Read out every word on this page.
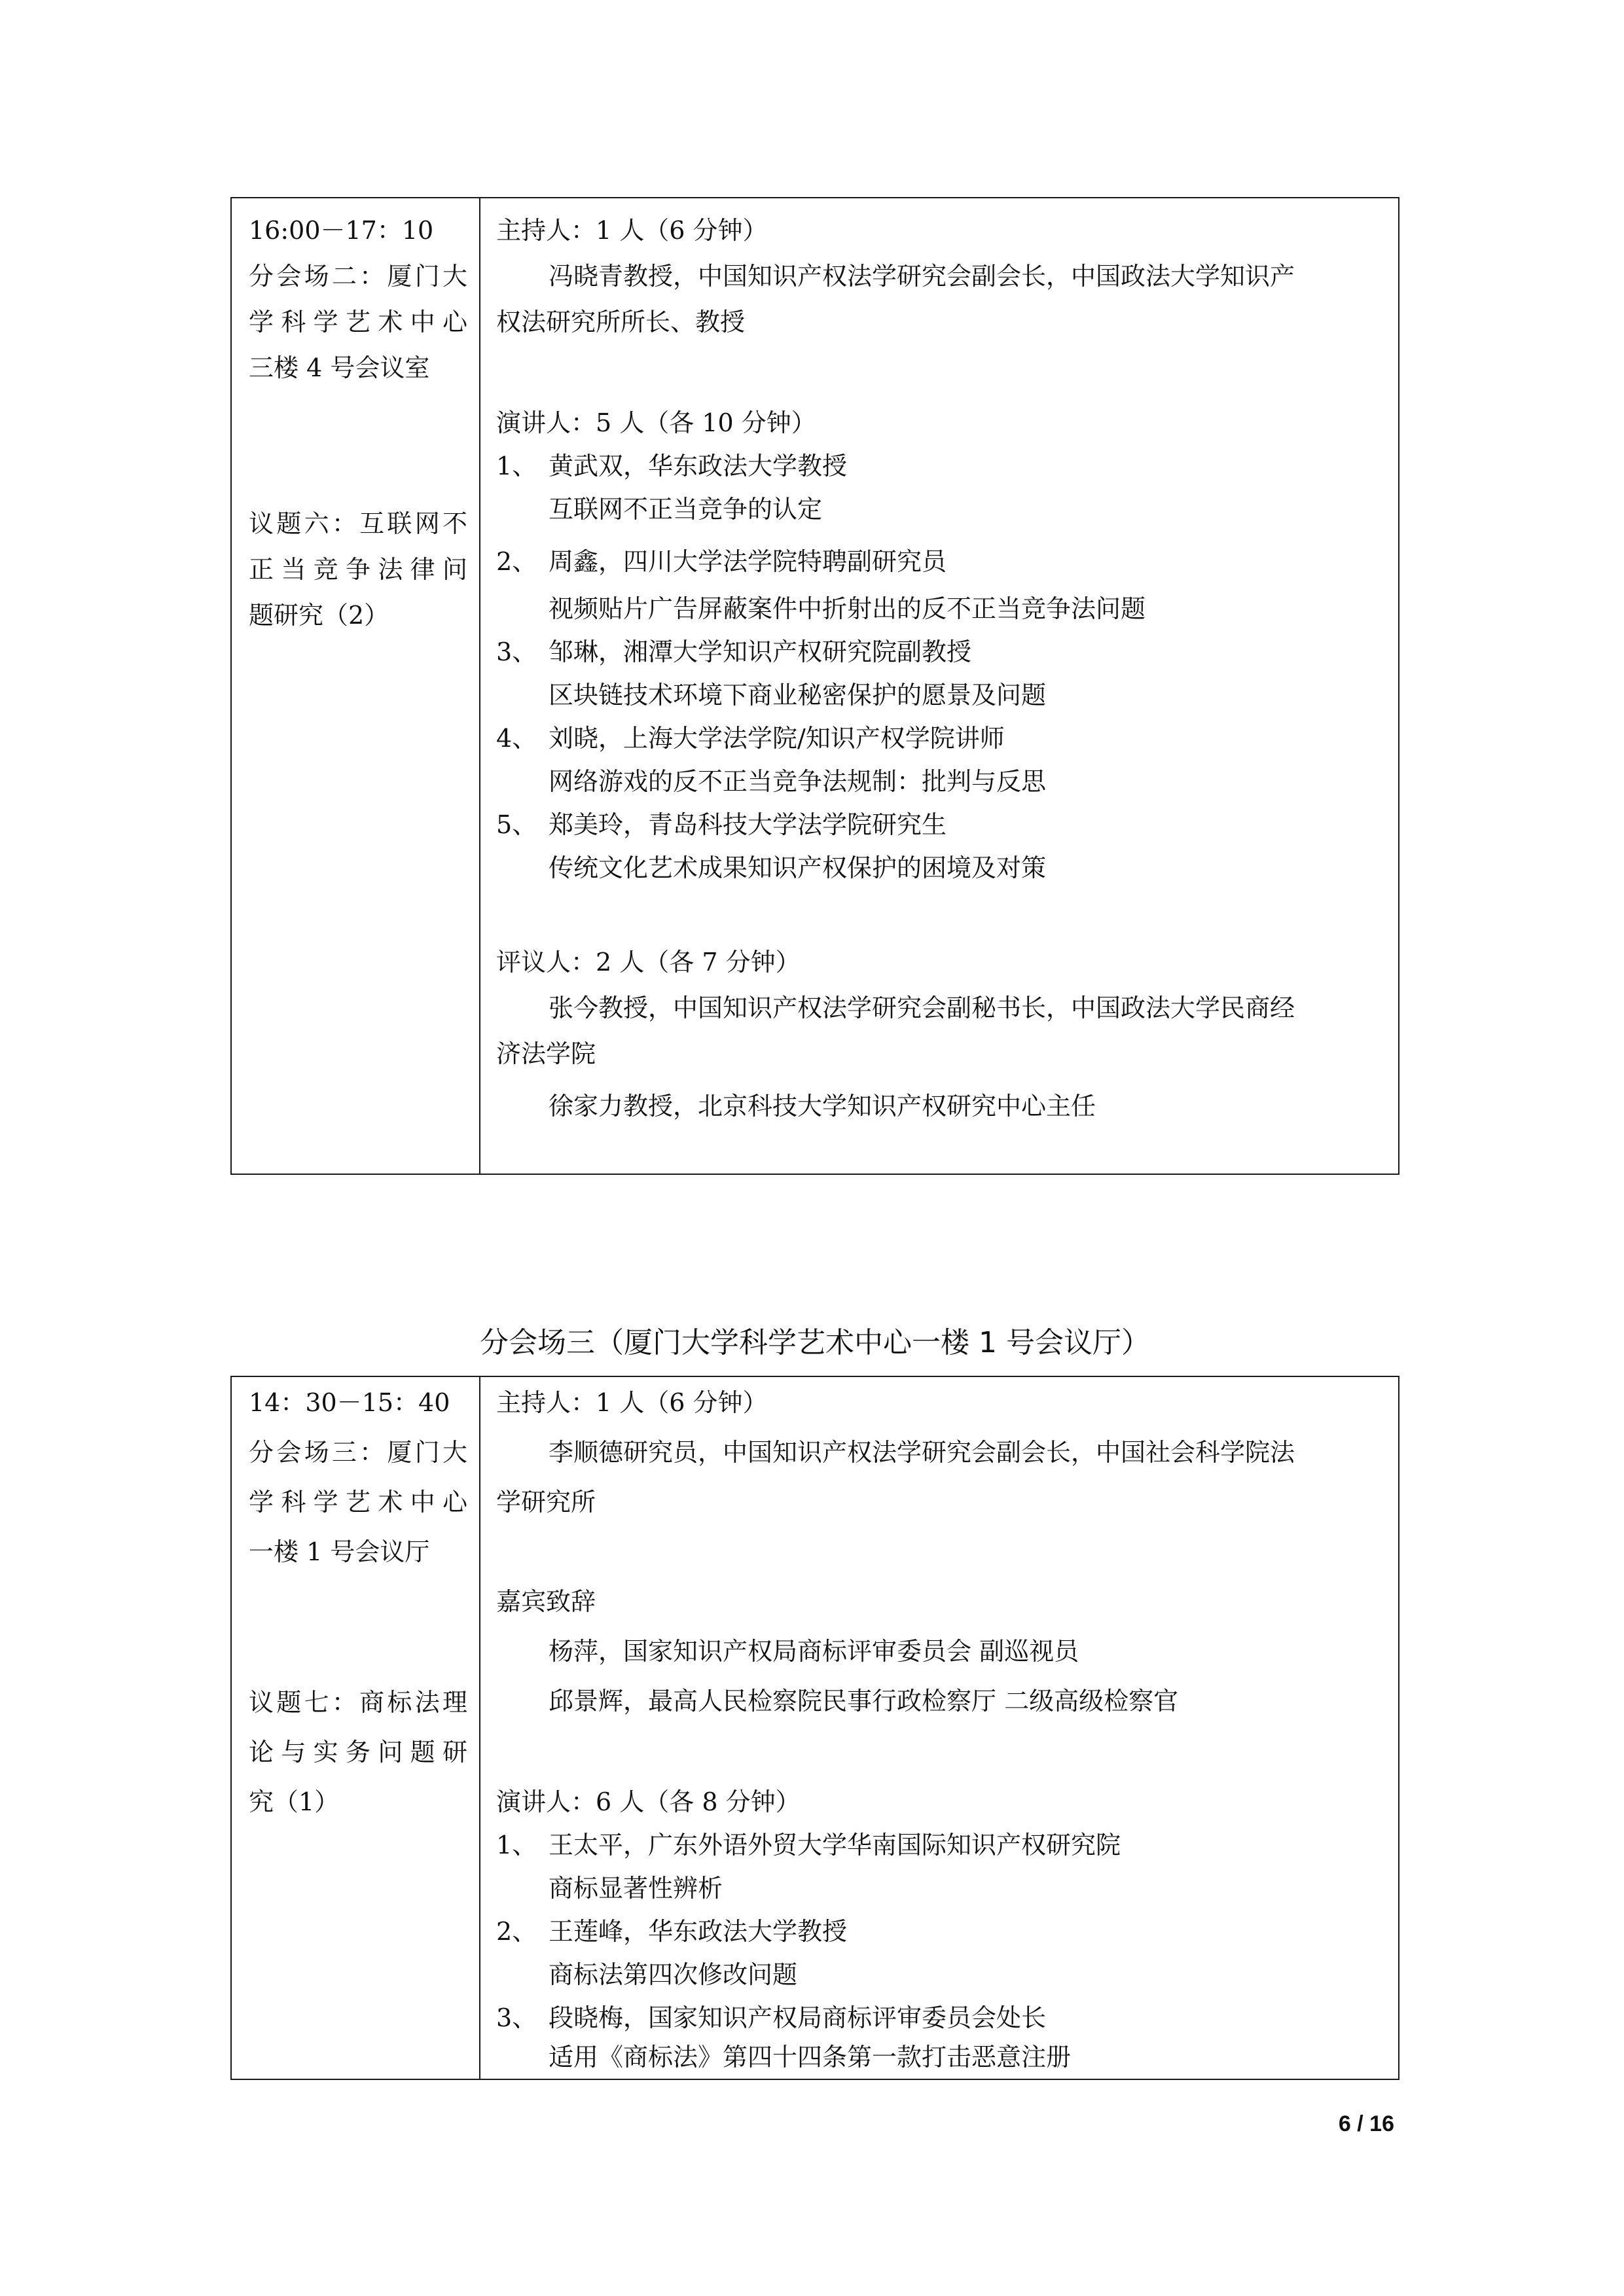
16:00－17：10
分会场二：厦门大
学科学艺术中心
三楼 4 号会议室
议题六：互联网不
正当竞争法律问
题研究（2）
主持人：1 人（6 分钟）
冯晓青教授，中国知识产权法学研究会副会长，中国政法大学知识产
权法研究所所长、教授
演讲人：5 人（各 10 分钟）
1、 黄武双，华东政法大学教授
互联网不正当竞争的认定
2、 周鑫，四川大学法学院特聘副研究员
视频贴片广告屏蔽案件中折射出的反不正当竞争法问题
3、 邹琳，湘潭大学知识产权研究院副教授
区块链技术环境下商业秘密保护的愿景及问题
4、 刘晓，上海大学法学院/知识产权学院讲师
网络游戏的反不正当竞争法规制：批判与反思
5、 郑美玲，青岛科技大学法学院研究生
传统文化艺术成果知识产权保护的困境及对策
评议人：2 人（各 7 分钟）
张今教授，中国知识产权法学研究会副秘书长，中国政法大学民商经
济法学院
徐家力教授，北京科技大学知识产权研究中心主任
分会场三（厦门大学科学艺术中心一楼 1 号会议厅）
14：30－15：40
分会场三：厦门大
学科学艺术中心
一楼 1 号会议厅
议题七：商标法理
论与实务问题研
究（1）
主持人：1 人（6 分钟）
李顺德研究员，中国知识产权法学研究会副会长，中国社会科学院法
学研究所
嘉宾致辞
杨萍，国家知识产权局商标评审委员会 副巡视员
邱景辉，最高人民检察院民事行政检察厅 二级高级检察官
演讲人：6 人（各 8 分钟）
1、 王太平，广东外语外贸大学华南国际知识产权研究院
商标显著性辨析
2、 王莲峰，华东政法大学教授
商标法第四次修改问题
3、 段晓梅，国家知识产权局商标评审委员会处长
适用《商标法》第四十四条第一款打击恶意注册
6 / 16
